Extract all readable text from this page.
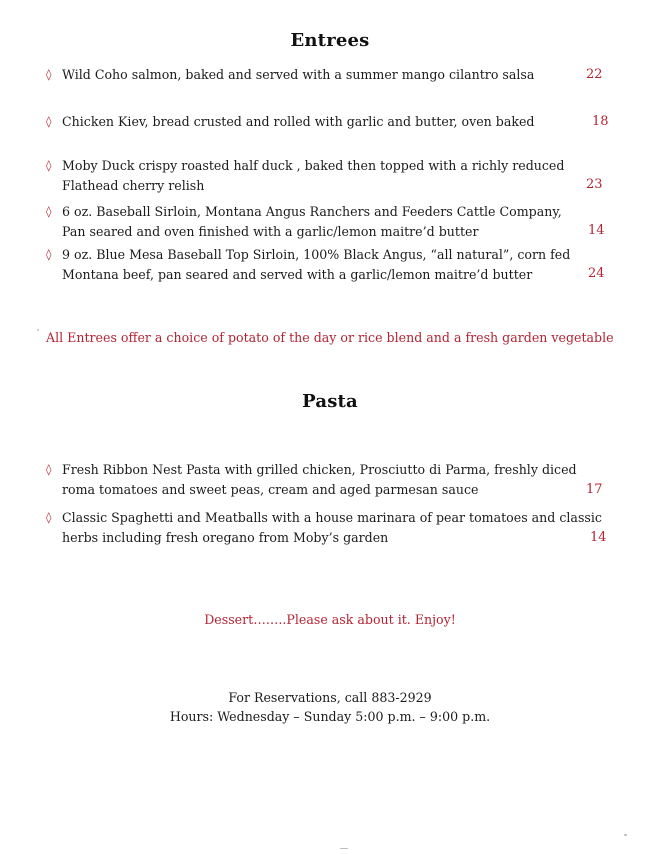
Entrees
◊ Wild Coho salmon, baked and served with a summer mango cilantro salsa	22
◊ Chicken Kiev, bread crusted and rolled with garlic and butter, oven baked	18
◊ Moby Duck crispy roasted half duck , baked then topped with a richly reduced
Flathead cherry relish	23
◊ 6 oz. Baseball Sirloin, Montana Angus Ranchers and Feeders Cattle Company,
Pan seared and oven finished with a garlic/lemon maitre’d butter	14
◊ 9 oz. Blue Mesa Baseball Top Sirloin, 100% Black Angus, “all natural”, corn fed
Montana beef, pan seared and served with a garlic/lemon maitre’d butter	24
All Entrees offer a choice of potato of the day or rice blend and a fresh garden vegetable
Pasta
◊ Fresh Ribbon Nest Pasta with grilled chicken, Prosciutto di Parma, freshly diced
roma tomatoes and sweet peas, cream and aged parmesan sauce	17
◊ Classic Spaghetti and Meatballs with a house marinara of pear tomatoes and classic
herbs including fresh oregano from Moby’s garden	14
Dessert……..Please ask about it. Enjoy!
For Reservations, call 883-2929
Hours: Wednesday – Sunday 5:00 p.m. – 9:00 p.m.
